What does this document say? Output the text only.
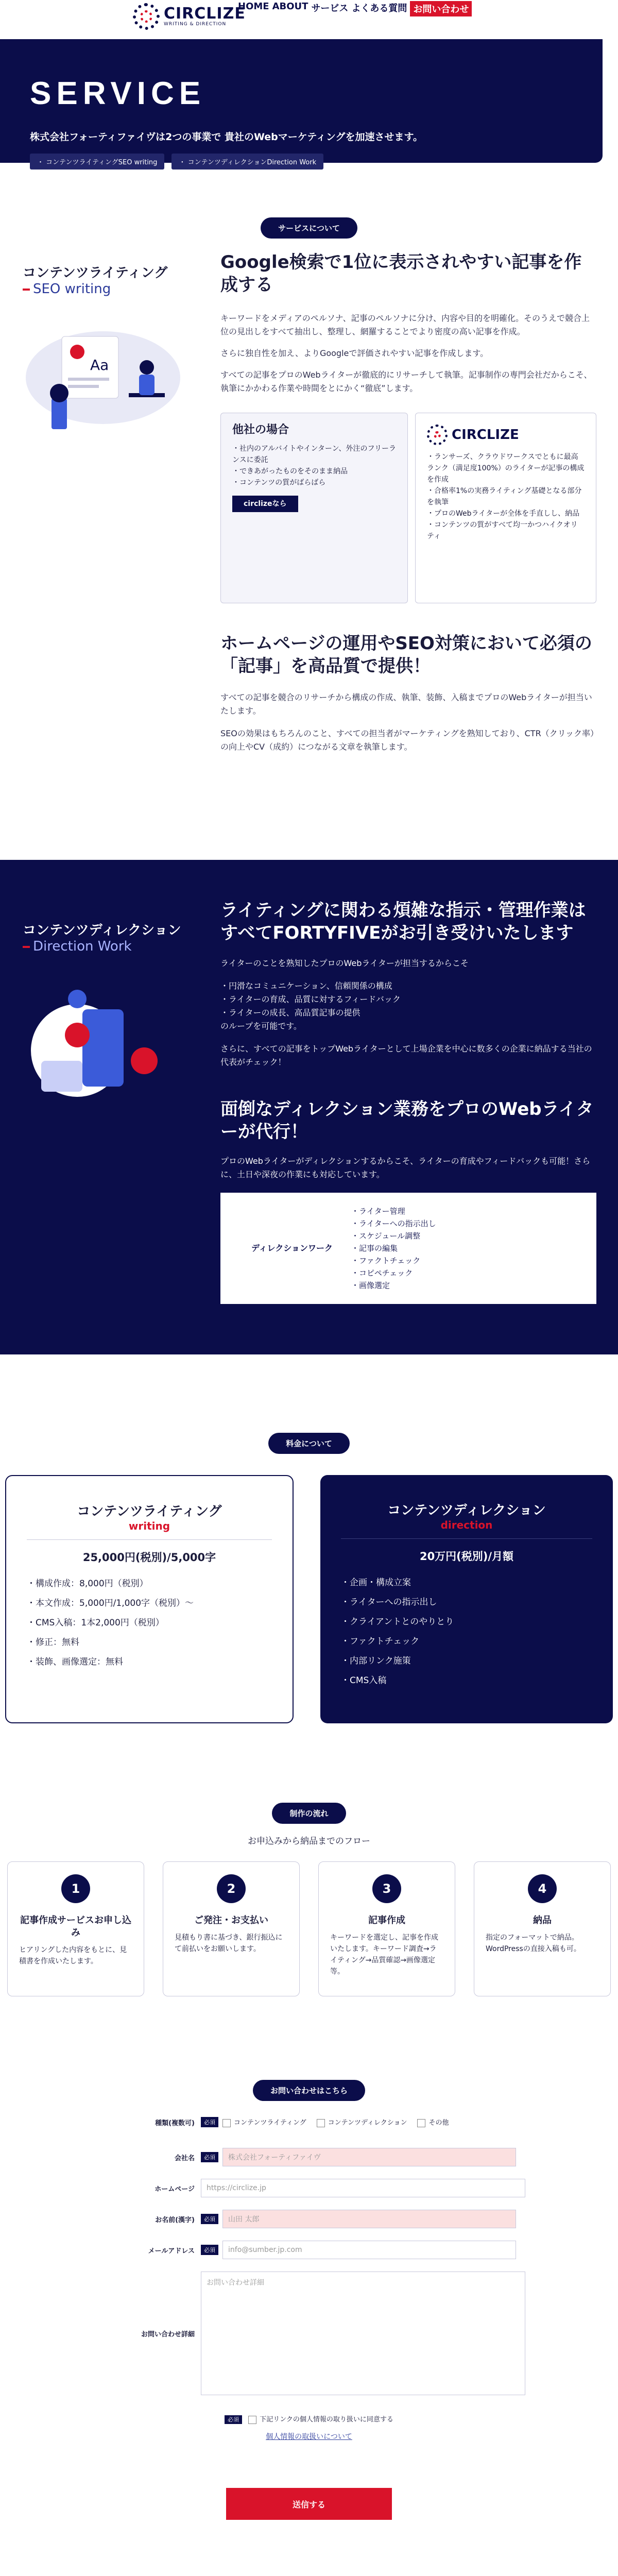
CIRCLIZE
WRITING & DIRECTION
HOME ABOUT サービス よくある質問 お問い合わせ
SERVICE
株式会社フォーティファイヴは2つの事業で 貴社のWebマーケティングを加速させます。
・ コンテンツライティングSEO writing	・ コンテンツディレクションDirection Work
サービスについて
コンテンツライティング
SEO writing
Aa
Google検索で1位に表示されやすい記事を作成する

キーワードをメディアのペルソナ、記事のペルソナに分け、内容や目的を明確化。そのうえで競合上位の見出しをすべて抽出し、整理し、網羅することでより密度の高い記事を作成。

さらに独自性を加え、よりGoogleで評価されやすい記事を作成します。

すべての記事をプロのWebライターが徹底的にリサーチして執筆。記事制作の専門会社だからこそ、執筆にかかわる作業や時間をとにかく“徹底”します。

他社の場合
・ 社内のアルバイトやインターン、外注のフリーランスに委託
・ できあがったものをそのまま納品
・ コンテンツの質がばらばら
circlizeなら
CIRCLIZE
・ ランサーズ、クラウドワークスでともに最高ランク（満足度100%）のライターが記事の構成を作成
・ 合格率1%の実務ライティング基礎となる部分を執筆
・ プロのWebライターが全体を手直しし、納品
・ コンテンツの質がすべて均一かつハイクオリティ
ホームページの運用やSEO対策において必須の「記事」を高品質で提供！

すべての記事を競合のリサーチから構成の作成、執筆、装飾、入稿までプロのWebライターが担当いたします。

SEOの効果はもちろんのこと、すべての担当者がマーケティングを熟知しており、CTR（クリック率）の向上やCV（成約）につながる文章を執筆します。

コンテンツディレクション
Direction Work
ライティングに関わる煩雑な指示・管理作業はすべてFORTYFIVEがお引き受けいたします

ライターのことを熟知したプロのWebライターが担当するからこそ

・円滑なコミュニケーション、信頼関係の構成
・ライターの育成、品質に対するフィードバック
・ライターの成長、高品質記事の提供

のループを可能です。

さらに、すべての記事をトップWebライターとして上場企業を中心に数多くの企業に納品する当社の代表がチェック！

面倒なディレクション業務をプロのWebライターが代行！

プロのWebライターがディレクションするからこそ、ライターの育成やフィードバックも可能！さらに、土日や深夜の作業にも対応しています。

ディレクションワーク
・ライター管理
・ライターへの指示出し
・スケジュール調整
・記事の編集
・ファクトチェック
・コピペチェック
・画像選定
料金について
コンテンツライティング
writing
25,000円(税別)/5,000字
・ 構成作成：8,000円（税別）
・ 本文作成：5,000円/1,000字（税別）〜
・ CMS入稿：1本2,000円（税別）
・ 修正：無料
・ 装飾、画像選定：無料
コンテンツディレクション
direction
20万円(税別)/月額
・ 企画・構成立案
・ ライターへの指示出し
・ クライアントとのやりとり
・ ファクトチェック
・ 内部リンク施策
・ CMS入稿
制作の流れ
お申込みから納品までのフロー
1
記事作成サービスお申し込み
ヒアリングした内容をもとに、見積書を作成いたします。
2
ご発注・お支払い
見積もり書に基づき、銀行振込にて前払いをお願いします。
3
記事作成
キーワードを選定し、記事を作成いたします。キーワード調査→ライティング→品質確認→画像選定等。
4
納品
指定のフォーマットで納品。WordPressの直接入稿も可。
お問い合わせはこちら
種類(複数可)	必須	コンテンツライティング	コンテンツディレクション	その他
会社名	必須	株式会社フォーティファイヴ
ホームページ	https://circlize.jp
お名前(漢字)	必須	山田 太郎
メールアドレス	必須	info@sumber.jp.com
お問い合わせ詳細
お問い合わせ詳細
必須	下記リンクの個人情報の取り扱いに同意する
個人情報の取扱いについて
送信する
